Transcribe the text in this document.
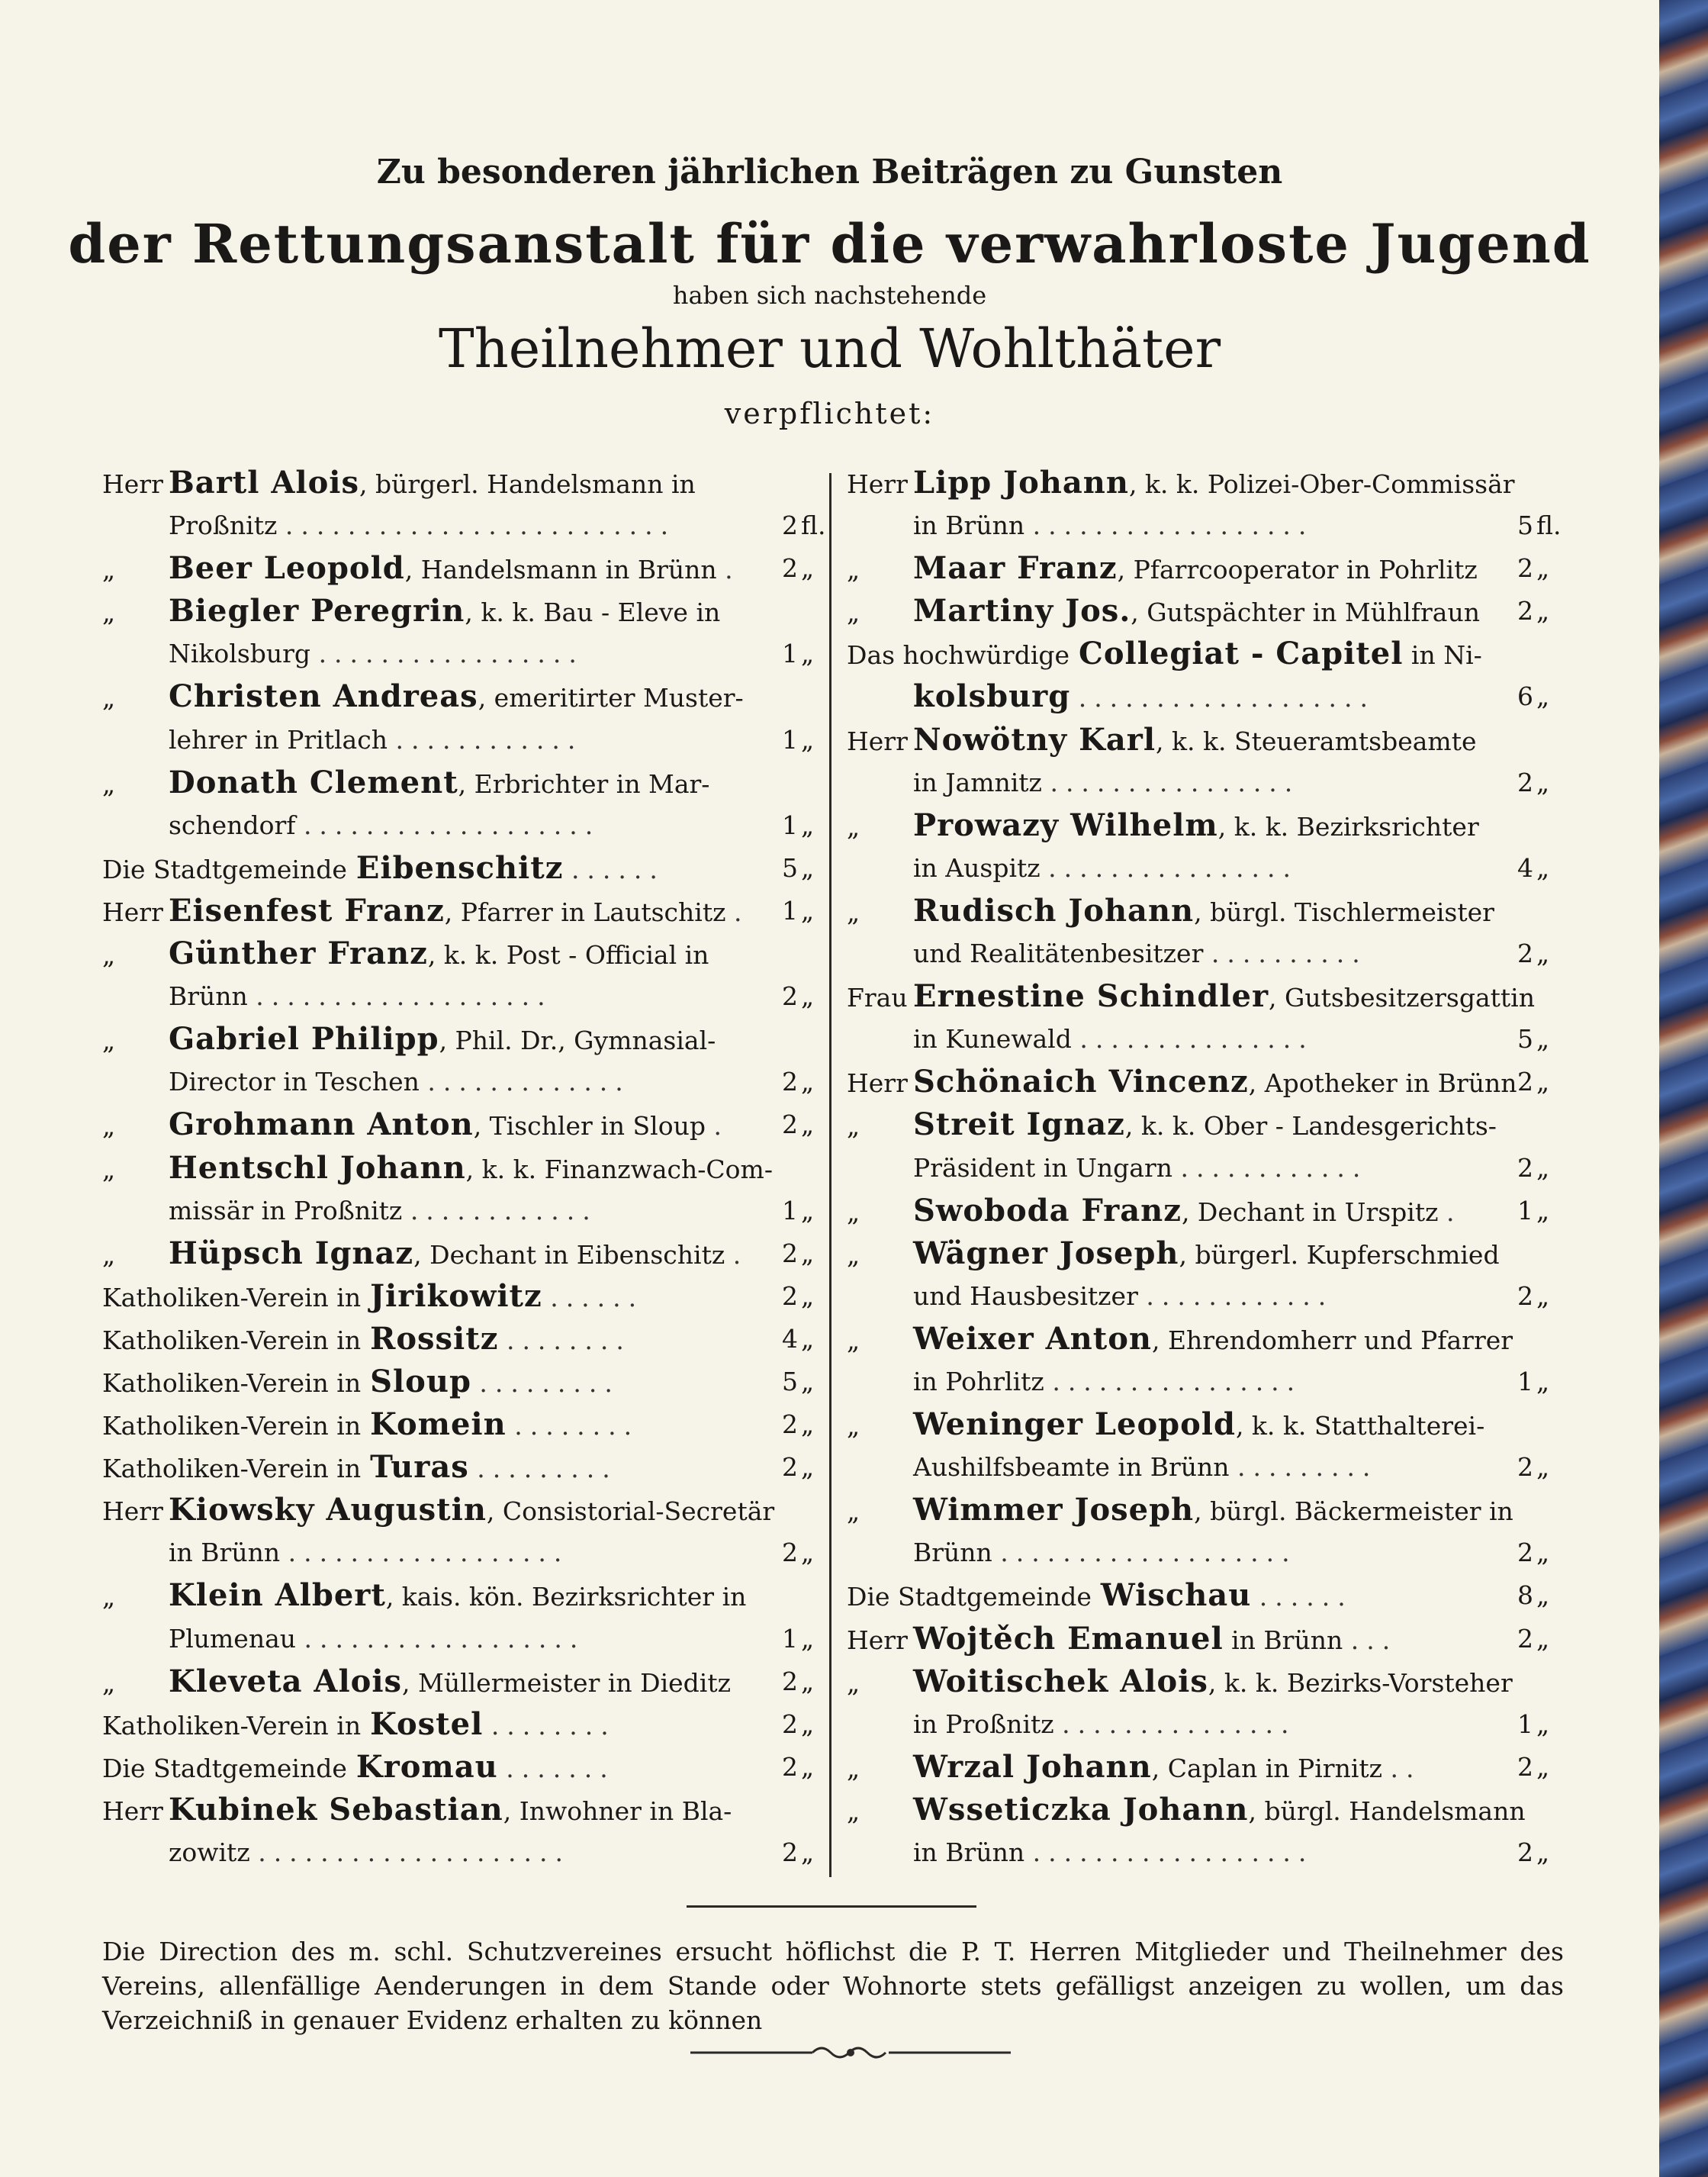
Zu besonderen jährlichen Beiträgen zu Gunsten
der Rettungsanstalt für die verwahrloste Jugend
haben sich nachstehende
Theilnehmer und Wohlthäter
verpflichtet:
Herr Bartl Alois, bürgerl. Handelsmann in
Proßnitz .........................	2 fl.
„ Beer Leopold, Handelsmann in Brünn . 2 „
„ Biegler Peregrin, k. k. Bau - Eleve in
Nikolsburg .................	1 „
„ Christen Andreas, emeritirter Muster-
lehrer in Pritlach ............	1 „
„ Donath Clement, Erbrichter in Mar-
schendorf ...................	1 „
Die Stadtgemeinde Eibenschitz ......	5 „
Herr Eisenfest Franz, Pfarrer in Lautschitz . 1 „
„ Günther Franz, k. k. Post - Official in
Brünn ...................	2 „
„ Gabriel Philipp, Phil. Dr., Gymnasial-
Director in Teschen .............	2 „
„ Grohmann Anton, Tischler in Sloup . 2 „
„ Hentschl Johann, k. k. Finanzwach-Com-
missär in Proßnitz ............	1 „
„ Hüpsch Ignaz, Dechant in Eibenschitz . 2 „
Katholiken-Verein in Jirikowitz ......	2 „
Katholiken-Verein in Rossitz ........	4 „
Katholiken-Verein in Sloup .........	5 „
Katholiken-Verein in Komein ........	2 „
Katholiken-Verein in Turas .........	2 „
Herr Kiowsky Augustin, Consistorial-Secretär
in Brünn ..................	2 „
„ Klein Albert, kais. kön. Bezirksrichter in
Plumenau ..................	1 „
„ Kleveta Alois, Müllermeister in Dieditz 2 „
Katholiken-Verein in Kostel ........	2 „
Die Stadtgemeinde Kromau .......	2 „
Herr Kubinek Sebastian, Inwohner in Bla-
zowitz ....................	2 „
Herr Lipp Johann, k. k. Polizei-Ober-Commissär
in Brünn ..................	5 fl.
„ Maar Franz, Pfarrcooperator in Pohrlitz 2 „
„ Martiny Jos., Gutspächter in Mühlfraun 2 „
Das hochwürdige Collegiat - Capitel in Ni-
kolsburg ...................	6 „
Herr Nowötny Karl, k. k. Steueramtsbeamte
in Jamnitz ................	2 „
„ Prowazy Wilhelm, k. k. Bezirksrichter
in Auspitz ................	4 „
„ Rudisch Johann, bürgl. Tischlermeister
und Realitätenbesitzer ..........	2 „
Frau Ernestine Schindler, Gutsbesitzersgattin
in Kunewald ...............	5 „
Herr Schönaich Vincenz, Apotheker in Brünn 2 „
„ Streit Ignaz, k. k. Ober - Landesgerichts-
Präsident in Ungarn ............	2 „
„ Swoboda Franz, Dechant in Urspitz . 1 „
„ Wägner Joseph, bürgerl. Kupferschmied
und Hausbesitzer ............	2 „
„ Weixer Anton, Ehrendomherr und Pfarrer
in Pohrlitz ................	1 „
„ Weninger Leopold, k. k. Statthalterei-
Aushilfsbeamte in Brünn .........	2 „
„ Wimmer Joseph, bürgl. Bäckermeister in
Brünn ...................	2 „
Die Stadtgemeinde Wischau ......	8 „
Herr Wojtěch Emanuel in Brünn ...	2 „
„ Woitischek Alois, k. k. Bezirks-Vorsteher
in Proßnitz ...............	1 „
„ Wrzal Johann, Caplan in Pirnitz ..	2 „
„ Wsseticzka Johann, bürgl. Handelsmann
in Brünn ..................	2 „
Die Direction des m. schl. Schutzvereines ersucht höflichst die P. T. Herren Mitglieder und Theilnehmer des Vereins, allenfällige Aenderungen in dem Stande oder Wohnorte stets gefälligst anzeigen zu wollen, um das Verzeichniß in genauer Evidenz erhalten zu können
